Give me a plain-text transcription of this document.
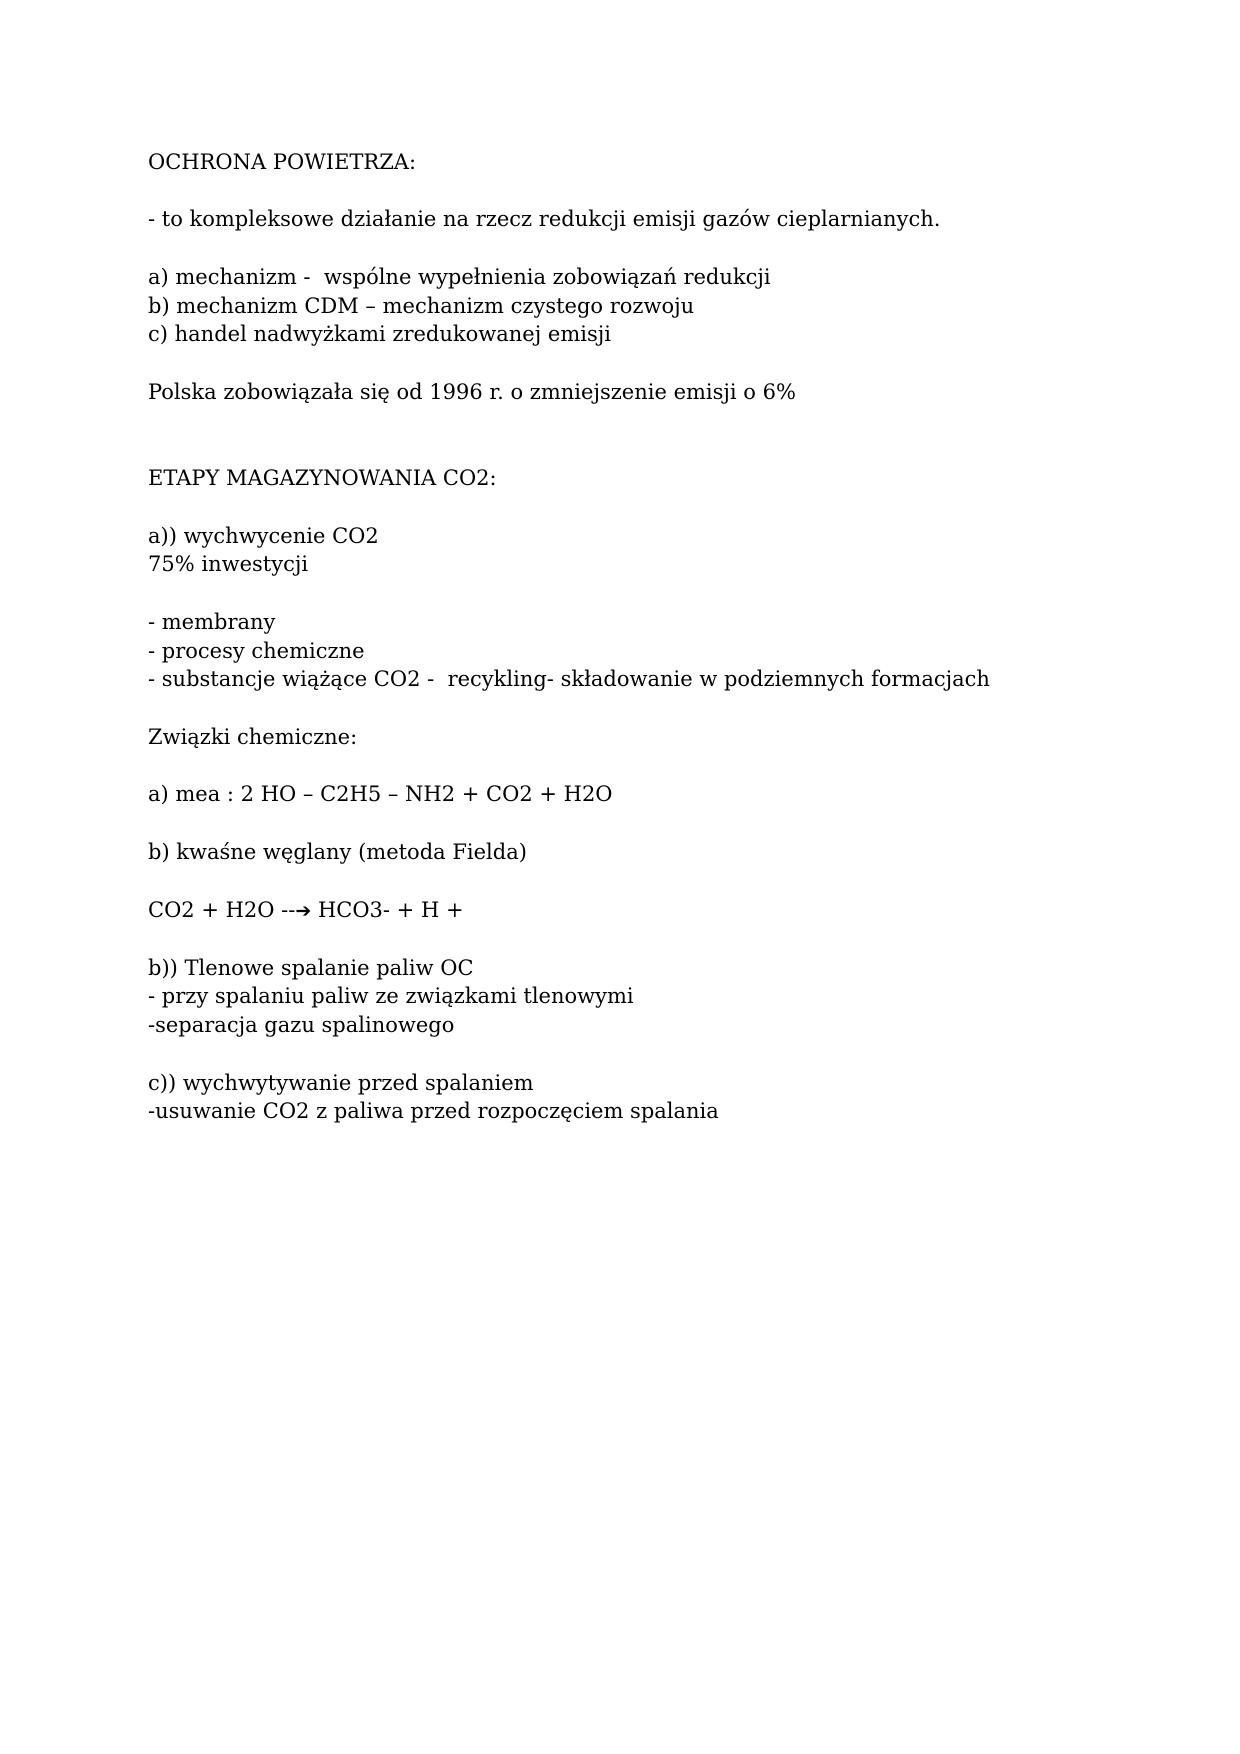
OCHRONA POWIETRZA:

- to kompleksowe działanie na rzecz redukcji emisji gazów cieplarnianych.

a) mechanizm -  wspólne wypełnienia zobowiązań redukcji

b) mechanizm CDM – mechanizm czystego rozwoju

c) handel nadwyżkami zredukowanej emisji

Polska zobowiązała się od 1996 r. o zmniejszenie emisji o 6%

ETAPY MAGAZYNOWANIA CO2:

a)) wychwycenie CO2

75% inwestycji

- membrany

- procesy chemiczne

- substancje wiążące CO2 -  recykling- składowanie w podziemnych formacjach

Związki chemiczne:

a) mea : 2 HO – C2H5 – NH2 + CO2 + H2O

b) kwaśne węglany (metoda Fielda)

CO2 + H2O --➔ HCO3- + H +

b)) Tlenowe spalanie paliw OC

- przy spalaniu paliw ze związkami tlenowymi

-separacja gazu spalinowego

c)) wychwytywanie przed spalaniem

-usuwanie CO2 z paliwa przed rozpoczęciem spalania
